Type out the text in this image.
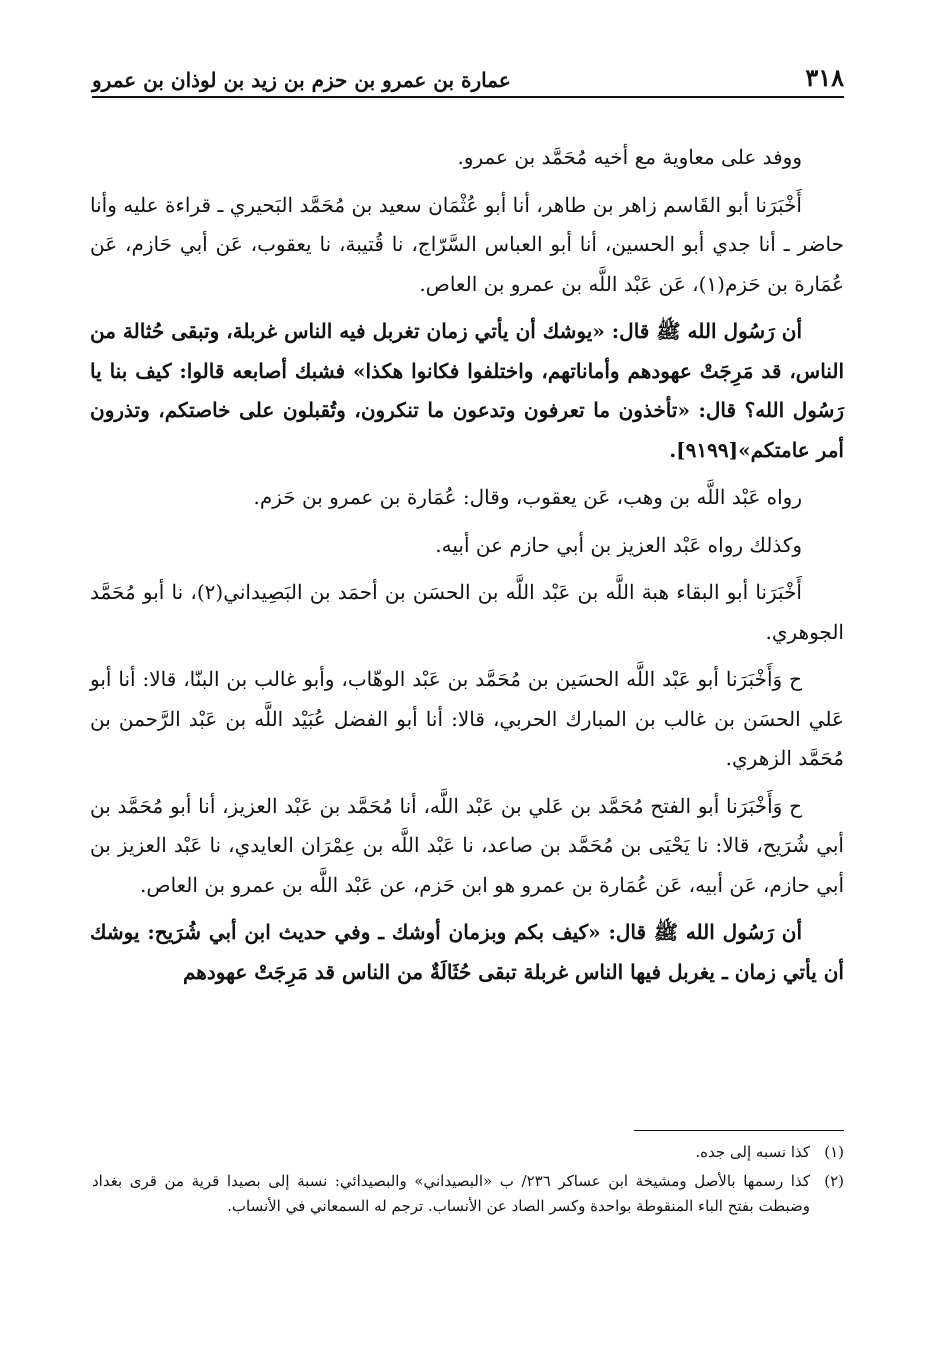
٣١٨
عمارة بن عمرو بن حزم بن زيد بن لوذان بن عمرو

ووفد على معاوية مع أخيه مُحَمَّد بن عمرو.

أَخْبَرَنا أبو القَاسم زاهر بن طاهر، أنا أبو عُثْمَان سعيد بن مُحَمَّد البَحيري ـ قراءة عليه وأنا حاضر ـ أنا جدي أبو الحسين، أنا أبو العباس السَّرّاج، نا قُتيبة، نا يعقوب، عَن أبي حَازم، عَن عُمَارة بن حَزم(١)، عَن عَبْد اللَّه بن عمرو بن العاص.

أن رَسُول الله ﷺ قال: «يوشك أن يأتي زمان تغربل فيه الناس غربلة، وتبقى حُثالة من الناس، قد مَرِجَتْ عهودهم وأماناتهم، واختلفوا فكانوا هكذا» فشبك أصابعه قالوا: كيف بنا يا رَسُول الله؟ قال: «تأخذون ما تعرفون وتدعون ما تنكرون، وتُقبلون على خاصتكم، وتذرون أمر عامتكم»[٩١٩٩].

رواه عَبْد اللَّه بن وهب، عَن يعقوب، وقال: عُمَارة بن عمرو بن حَزم.

وكذلك رواه عَبْد العزيز بن أبي حازم عن أبيه.

أَخْبَرَنا أبو البقاء هبة اللَّه بن عَبْد اللَّه بن الحسَن بن أحمَد بن البَصِيداني(٢)، نا أبو مُحَمَّد الجوهري.

ح وَأَخْبَرَنا أبو عَبْد اللَّه الحسَين بن مُحَمَّد بن عَبْد الوهّاب، وأبو غالب بن البنّا، قالا: أنا أبو عَلي الحسَن بن غالب بن المبارك الحربي، قالا: أنا أبو الفضل عُبَيْد اللَّه بن عَبْد الرَّحمن بن مُحَمَّد الزهري.

ح وَأَخْبَرَنا أبو الفتح مُحَمَّد بن عَلي بن عَبْد اللَّه، أنا مُحَمَّد بن عَبْد العزيز، أنا أبو مُحَمَّد بن أبي شُرَيح، قالا: نا يَحْيَى بن مُحَمَّد بن صاعد، نا عَبْد اللَّه بن عِمْرَان العايدي، نا عَبْد العزيز بن أبي حازم، عَن أبيه، عَن عُمَارة بن عمرو هو ابن حَزم، عن عَبْد اللَّه بن عمرو بن العاص.

أن رَسُول الله ﷺ قال: «كيف بكم وبزمان أوشك ـ وفي حديث ابن أبي شُرَيح: يوشك أن يأتي زمان ـ يغربل فيها الناس غربلة تبقى حُثَالَةٌ من الناس قد مَرِجَتْ عهودهم

(١)
كذا نسبه إلى جده.
(٢)
كذا رسمها بالأصل ومشيخة ابن عساكر ٢٣٦/ ب «البصيداني» والبصيدائي: نسبة إلى بصيدا قرية من قرى بغداد وضبطت بفتح الباء المنقوطة بواحدة وكسر الصاد عن الأنساب. ترجم له السمعاني في الأنساب.
